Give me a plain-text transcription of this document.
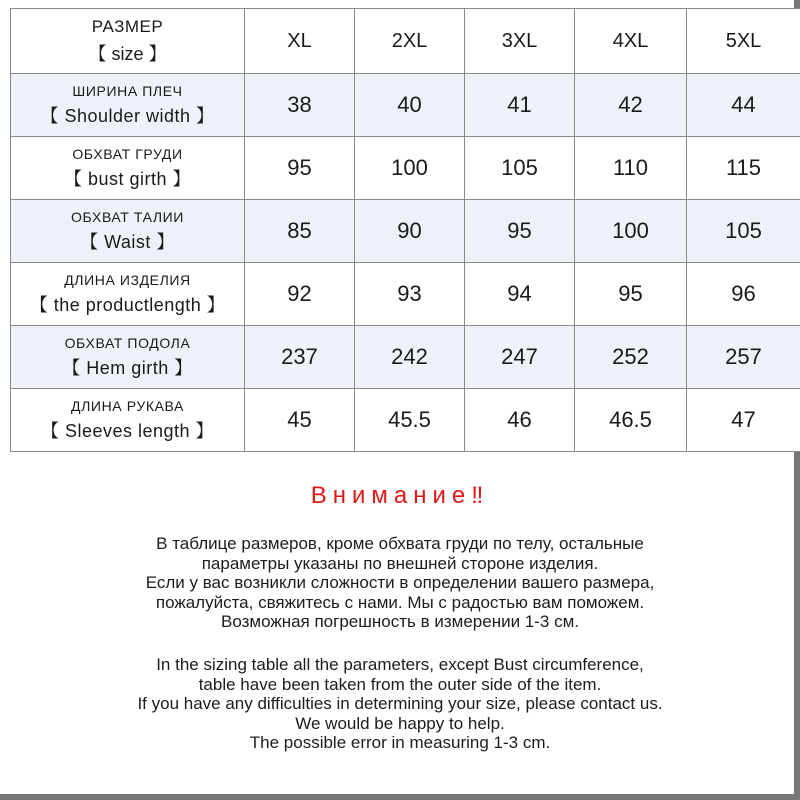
РАЗМЕР
【 size 】	XL	2XL	3XL	4XL	5XL

ШИРИНА ПЛЕЧ
【 Shoulder width 】	38	40	41	42	44

ОБХВАТ ГРУДИ
【 bust girth 】	95	100	105	110	115

ОБХВАТ ТАЛИИ
【 Waist 】	85	90	95	100	105

ДЛИНА ИЗДЕЛИЯ
【 the productlength 】	92	93	94	95	96

ОБХВАТ ПОДОЛА
【 Hem girth 】	237	242	247	252	257

ДЛИНА РУКАВА
【 Sleeves length 】	45	45.5	46	46.5	47
Внимание‼
В таблице размеров, кроме обхвата груди по телу, остальные
параметры указаны по внешней стороне изделия.
Если у вас возникли сложности в определении вашего размера,
пожалуйста, свяжитесь с нами. Мы с радостью вам поможем.
Возможная погрешность в измерении 1-3 см.
In the sizing table all the parameters, except Bust circumference,
table have been taken from the outer side of the item.
If you have any difficulties in determining your size, please contact us.
We would be happy to help.
The possible error in measuring 1-3 cm.
